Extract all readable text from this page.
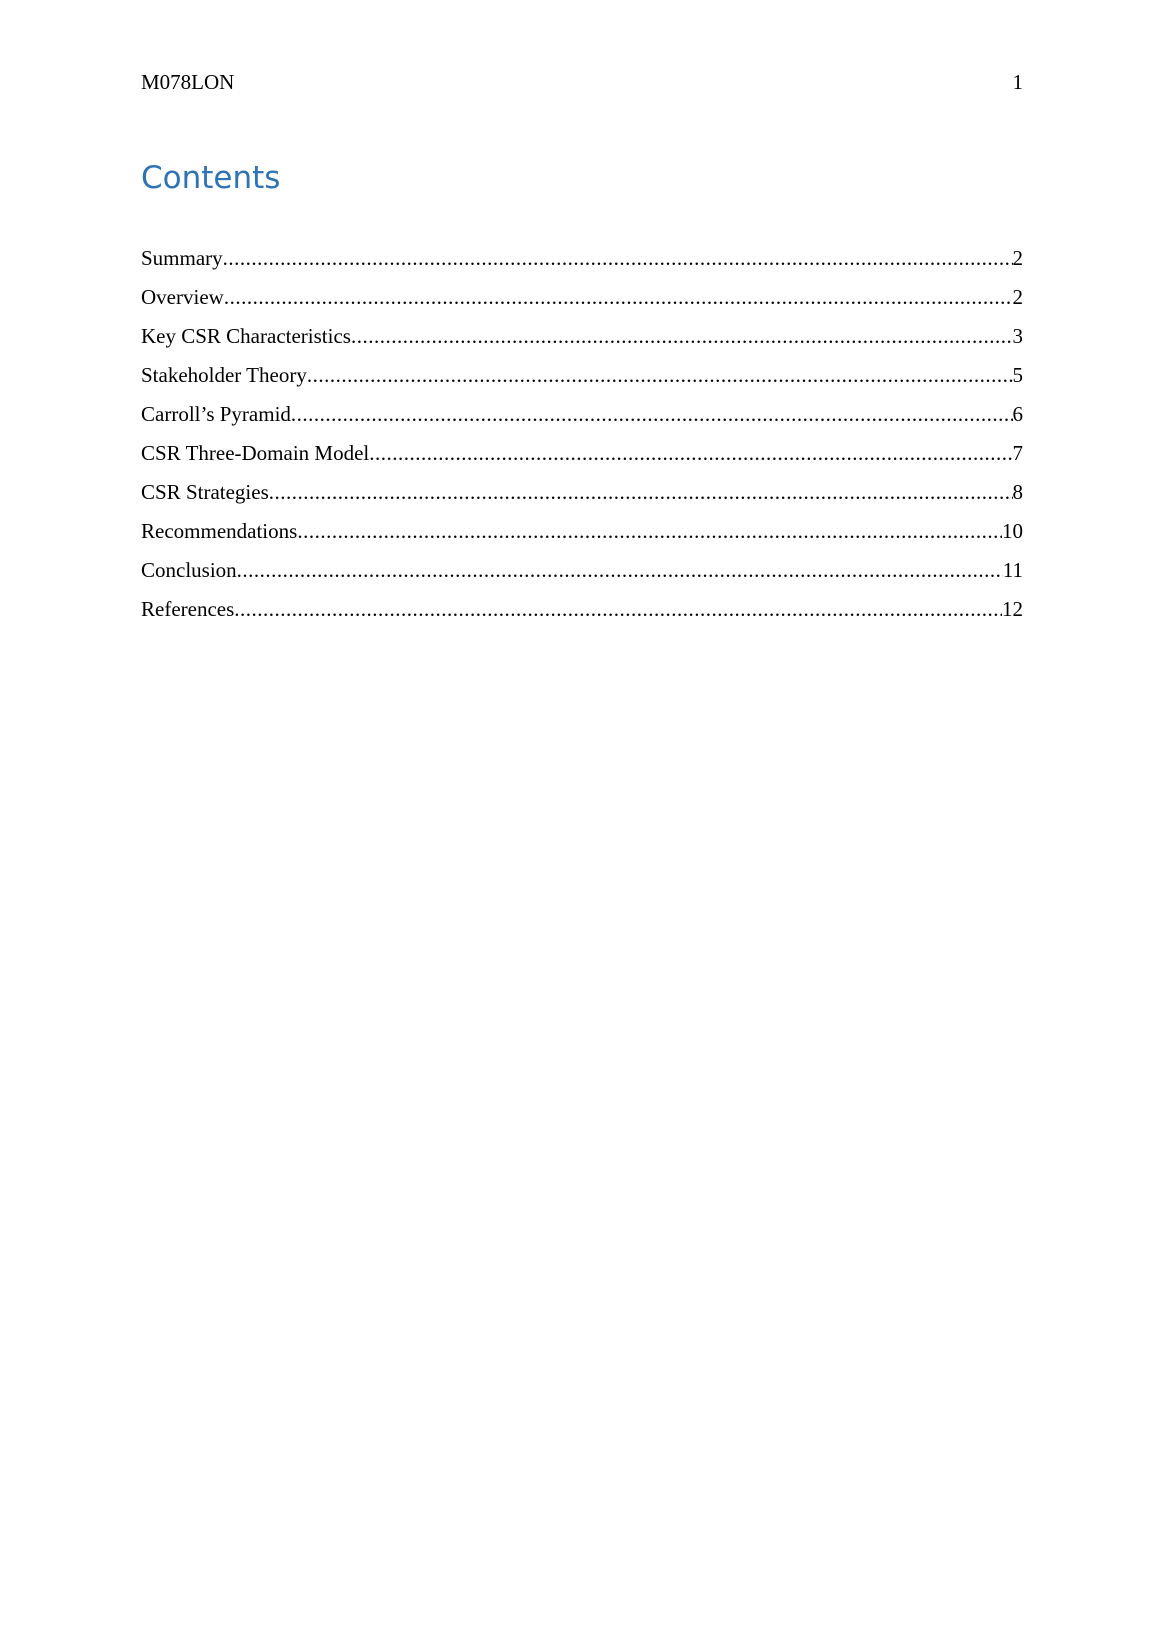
M078LON	1
Contents
Summary .....	2
Overview .....	2
Key CSR Characteristics .....	3
Stakeholder Theory .....	5
Carroll’s Pyramid .....	6
CSR Three-Domain Model .....	7
CSR Strategies .....	8
Recommendations .....	10
Conclusion .....	11
References .....	12
